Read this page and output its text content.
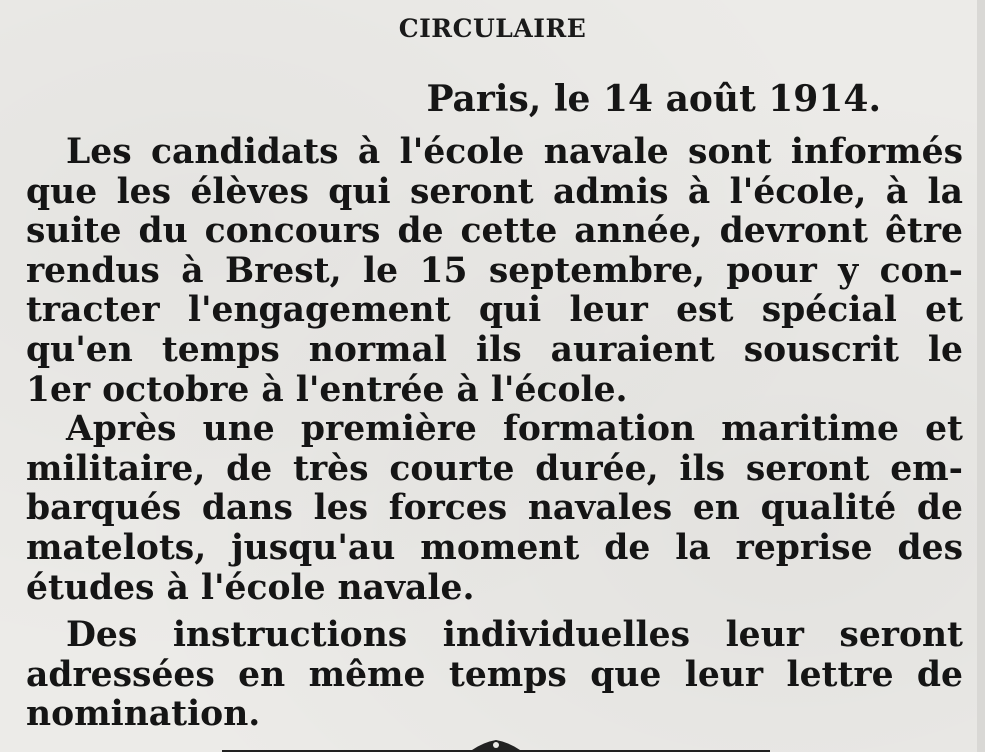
CIRCULAIRE
Paris, le 14 août 1914.
Les candidats à l'école navale sont informés
que les élèves qui seront admis à l'école, à la
suite du concours de cette année, devront être
rendus à Brest, le 15 septembre, pour y con-
tracter l'engagement qui leur est spécial et
qu'en temps normal ils auraient souscrit le
1er octobre à l'entrée à l'école.
Après une première formation maritime et
militaire, de très courte durée, ils seront em-
barqués dans les forces navales en qualité de
matelots, jusqu'au moment de la reprise des
études à l'école navale.
Des instructions individuelles leur seront
adressées en même temps que leur lettre de
nomination.
